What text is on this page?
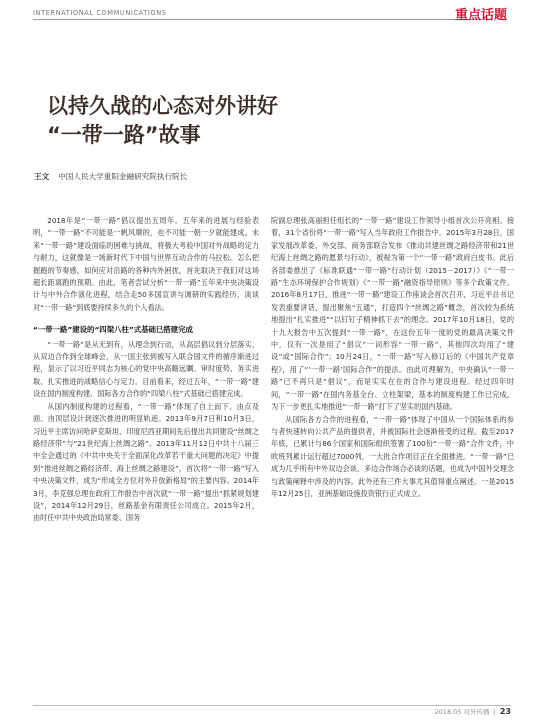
INTERNATIONAL COMMUNICATIONS	重点话题
以持久战的心态对外讲好
“一带一路”故事
王文 中国人民大学重阳金融研究院执行院长

2018年是“一带一路”倡议提出五周年。五年来的进展与经验表明，“一带一路”不可能是一帆风顺的，也不可能一朝一夕就能建成。未来“一带一路”建设面临的困难与挑战，将极大考验中国对外战略的定力与耐力，这就像是一场新时代下中国与世界互动合作的马拉松。怎么把握跑的节奏感，如何应对沿路的各种内外困扰，首先取决于我们对这场超长距离跑的预期。由此，笔者尝试分析“一带一路”五年来中央决策设计与中外合作演化进程，结合走50多国宣讲与调研的实践经历，谈谈对“一带一路”到底要持续多久的个人看法。

“一带一路”建设的“四梁八柱”式基础已搭建完成

“一带一路”是从无到有，从理念到行动，从高层倡议到分层落实，从双边合作到全球峰会，从一国主张到被写入联合国文件的循序渐进过程，显示了以习近平同志为核心的党中央高瞻远瞩、审时度势、务实进取、扎实推进的战略信心与定力。目前看来，经过五年，“一带一路”建设在国内制度构建、国际各方合作的“四梁八柱”式基础已搭建完成。

从国内制度构建的过程看，“一带一路”体现了自上而下、由点及面、由顶层设计到逐次推进的明显轨迹。2013年9月7日和10月3日，习近平主席访问哈萨克斯坦、印度尼西亚期间先后提出共同建设“丝绸之路经济带”与“21世纪海上丝绸之路”。2013年11月12日中共十八届三中全会通过的《中共中央关于全面深化改革若干重大问题的决定》中提到“推进丝绸之路经济带、海上丝绸之路建设”，首次将“一带一路”写入中央决策文件，成为“形成全方位对外开放新格局”的主要内容。2014年3月，李克强总理在政府工作报告中首次就“一带一路”提出“抓紧规划建设”，2014年12月29日，丝路基金有限责任公司成立。2015年2月，由时任中共中央政治局常委、国务

院副总理张高丽担任组长的“一带一路”建设工作领导小组首次公开亮相。接着，31个省份将“一带一路”写入当年政府工作报告中。2015年3月28日，国家发展改革委、外交部、商务部联合发布《推动共建丝绸之路经济带和21世纪海上丝绸之路的愿景与行动》，被视为第一个“一带一路”政府白皮书。此后各部委推出了《标准联通“一带一路”行动计划（2015－2017）》《“一带一路”生态环境保护合作规划》《“一带一路”融资指导原则》等多个政策文件。2016年8月17日，推进“一带一路”建设工作座谈会首次召开，习近平总书记发表重要讲话，提出聚焦“五通”，打造四个“丝绸之路”概念，首次较为系统地提出“扎实推进”“以钉钉子精神抓下去”的理念。2017年10月18日，党的十九大报告中五次提到“一带一路”，在这份五年一度的党的最高决策文件中，仅有一次是用了“倡议”一词形容“一带一路”，其他四次均用了“建设”或“国际合作”；10月24日，“一带一路”写入修订后的《中国共产党章程》，用了“‘一带一路’国际合作”的提法。由此可理解为，中央确认“一带一路”已不再只是“倡议”，而是实实在在的合作与建设进程。经过四年时间，“一带一路”在国内务基全台、立柱架梁，基本的制度构建工作已完成，为下一步更扎实地推进“一带一路”打下了坚实的国内基础。

从国际各方合作的进程看，“一带一路”体现了中国从一个国际体系的参与者快速转向公共产品的提供者，并被国际社会逐渐接受的过程。截至2017年底，已累计与86个国家和国际组织签署了100份“一带一路”合作文件，中欧班列累计运行超过7000列，一大批合作项目正在全面推进。“一带一路”已成为几乎所有中外双边会谈、多边合作场合必谈的话题，也成为中国外交理念与政策阐释中涉及的内容。此外还有三件大事尤其值得重点阐述。一是2015年12月25日，亚洲基础设施投资银行正式成立。

2018.05 对外传播 | 23
